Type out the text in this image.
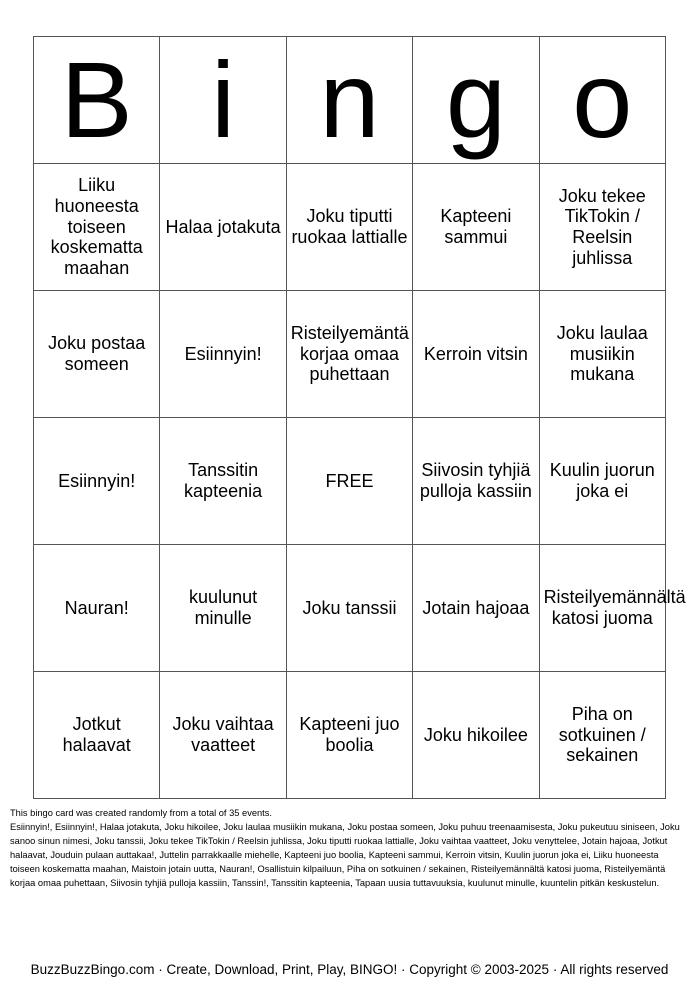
B	i	n	g	o
Liiku huoneesta toiseen koskematta maahan	Halaa jotakuta	Joku tiputti ruokaa lattialle	Kapteeni sammui	Joku tekee TikTokin / Reelsin juhlissa
Joku postaa someen	Esiinnyin!	Risteilyemäntä korjaa omaa puhettaan	Kerroin vitsin	Joku laulaa musiikin mukana
Esiinnyin!	Tanssitin kapteenia	FREE	Siivosin tyhjiä pulloja kassiin	Kuulin juorun joka ei
Nauran!	kuulunut minulle	Joku tanssii	Jotain hajoaa	Risteilyemännältä katosi juoma
Jotkut halaavat	Joku vaihtaa vaatteet	Kapteeni juo boolia	Joku hikoilee	Piha on sotkuinen / sekainen
This bingo card was created randomly from a total of 35 events.
Esiinnyin!, Esiinnyin!, Halaa jotakuta, Joku hikoilee, Joku laulaa musiikin mukana, Joku postaa someen, Joku puhuu treenaamisesta, Joku pukeutuu siniseen, Joku sanoo sinun nimesi, Joku tanssii, Joku tekee TikTokin / Reelsin juhlissa, Joku tiputti ruokaa lattialle, Joku vaihtaa vaatteet, Joku venyttelee, Jotain hajoaa, Jotkut halaavat, Jouduin pulaan auttakaa!, Juttelin parrakkaalle miehelle, Kapteeni juo boolia, Kapteeni sammui, Kerroin vitsin, Kuulin juorun joka ei, Liiku huoneesta toiseen koskematta maahan, Maistoin jotain uutta, Nauran!, Osallistuin kilpailuun, Piha on sotkuinen / sekainen, Risteilyemännältä katosi juoma, Risteilyemäntä korjaa omaa puhettaan, Siivosin tyhjiä pulloja kassiin, Tanssin!, Tanssitin kapteenia, Tapaan uusia tuttavuuksia, kuulunut minulle, kuuntelin pitkän keskustelun.
BuzzBuzzBingo.com · Create, Download, Print, Play, BINGO! · Copyright © 2003-2025 · All rights reserved
